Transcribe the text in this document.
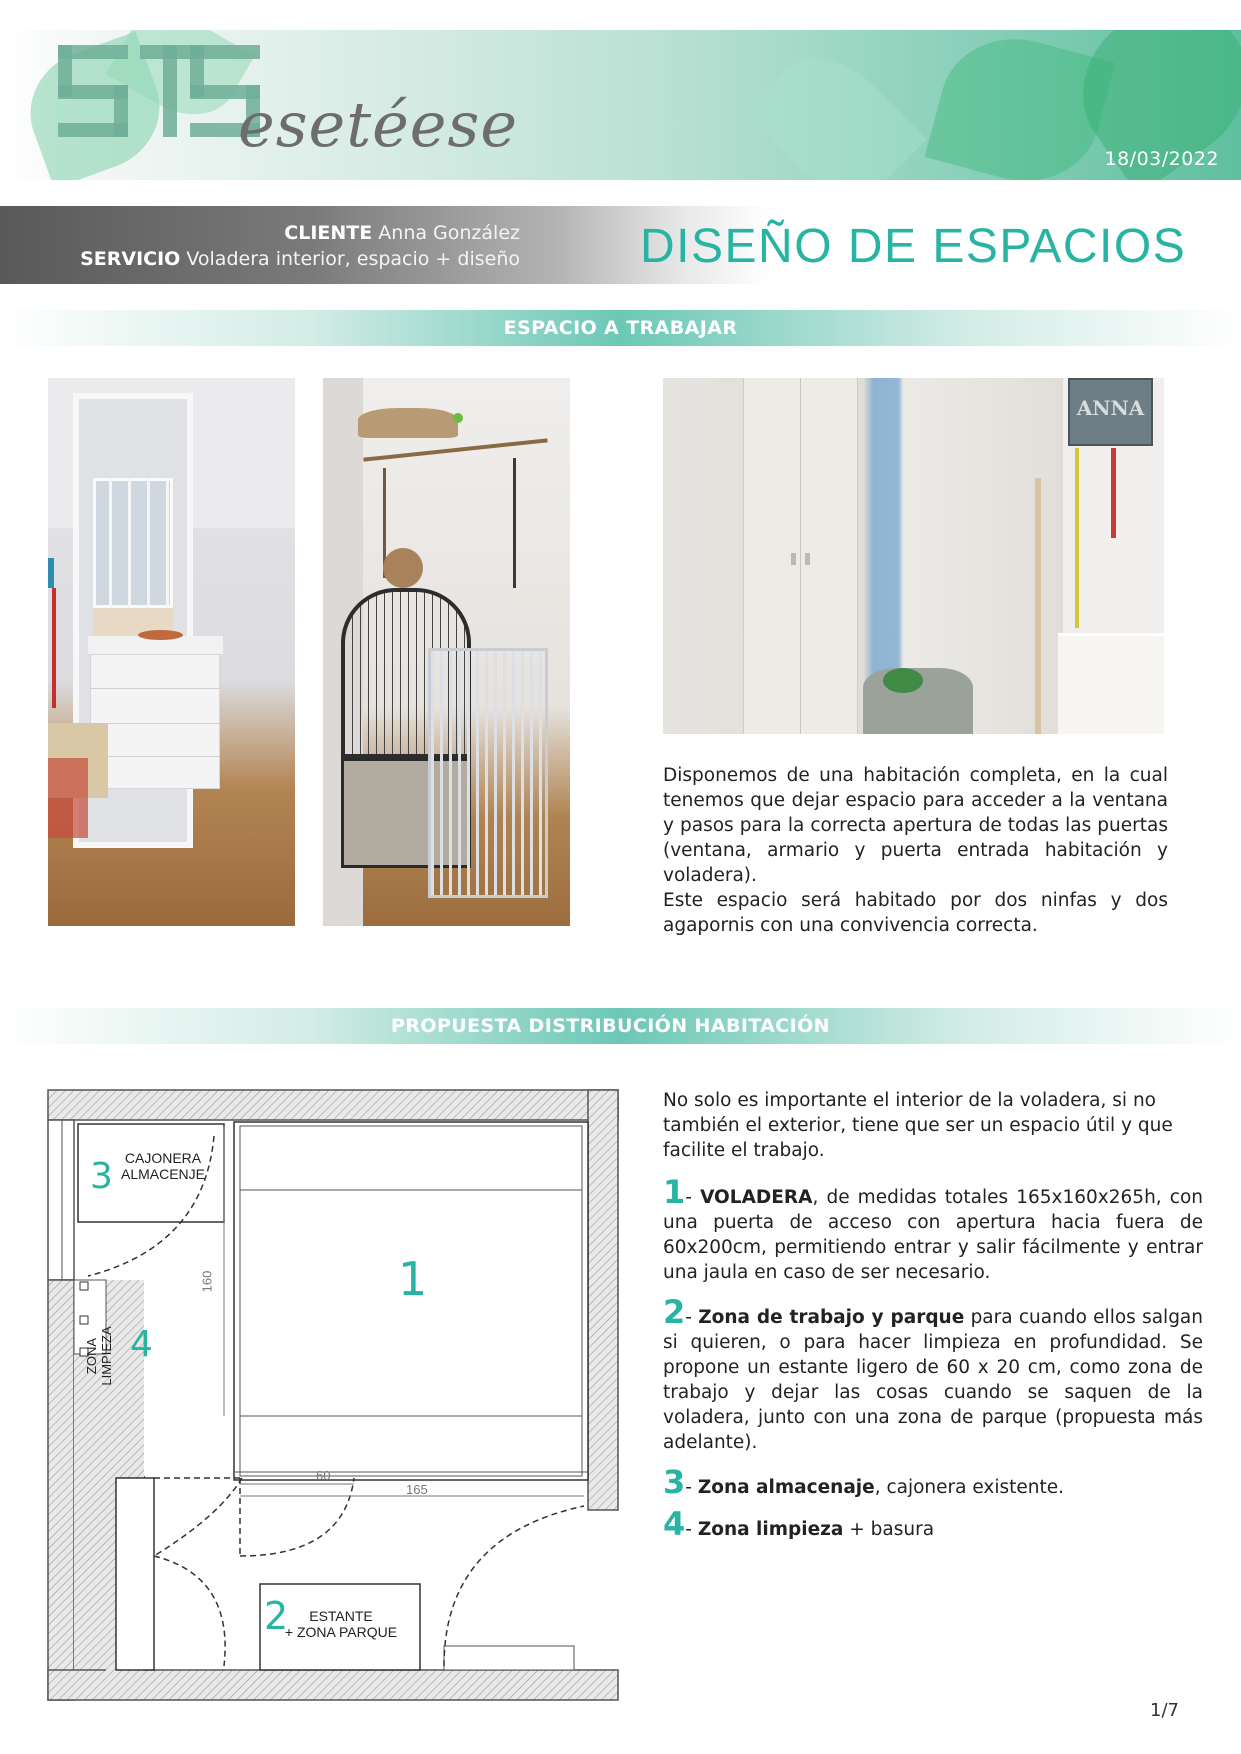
esetéese	18/03/2022
CLIENTE Anna González
SERVICIO Voladera interior, espacio + diseño	DISEÑO DE ESPACIOS
ESPACIO A TRABAJAR
ANNA
Disponemos de una habitación completa, en la cual tenemos que dejar espacio para acceder a la ventana y pasos para la correcta apertura de todas las puertas (ventana, armario y puerta entrada habitación y voladera).
Este espacio será habitado por dos ninfas y dos agapornis con una convivencia correcta.
PROPUESTA DISTRIBUCIÓN HABITACIÓN
CAJONERA
ALMACENJE
ZONA LIMPIEZA
ESTANTE
+ ZONA PARQUE
160
60
165
1
2
3
4
No solo es importante el interior de la voladera, si no también el exterior, tiene que ser un espacio útil y que facilite el trabajo.
1- VOLADERA, de medidas totales 165x160x265h, con una puerta de acceso con apertura hacia fuera de 60x200cm, permitiendo entrar y salir fácilmente y entrar una jaula en caso de ser necesario.
2- Zona de trabajo y parque para cuando ellos salgan si quieren, o para hacer limpieza en profundidad. Se propone un estante ligero de 60 x 20 cm, como zona de trabajo y dejar las cosas cuando se saquen de la voladera, junto con una zona de parque (propuesta más adelante).
3- Zona almacenaje, cajonera existente.
4- Zona limpieza + basura
1/7
